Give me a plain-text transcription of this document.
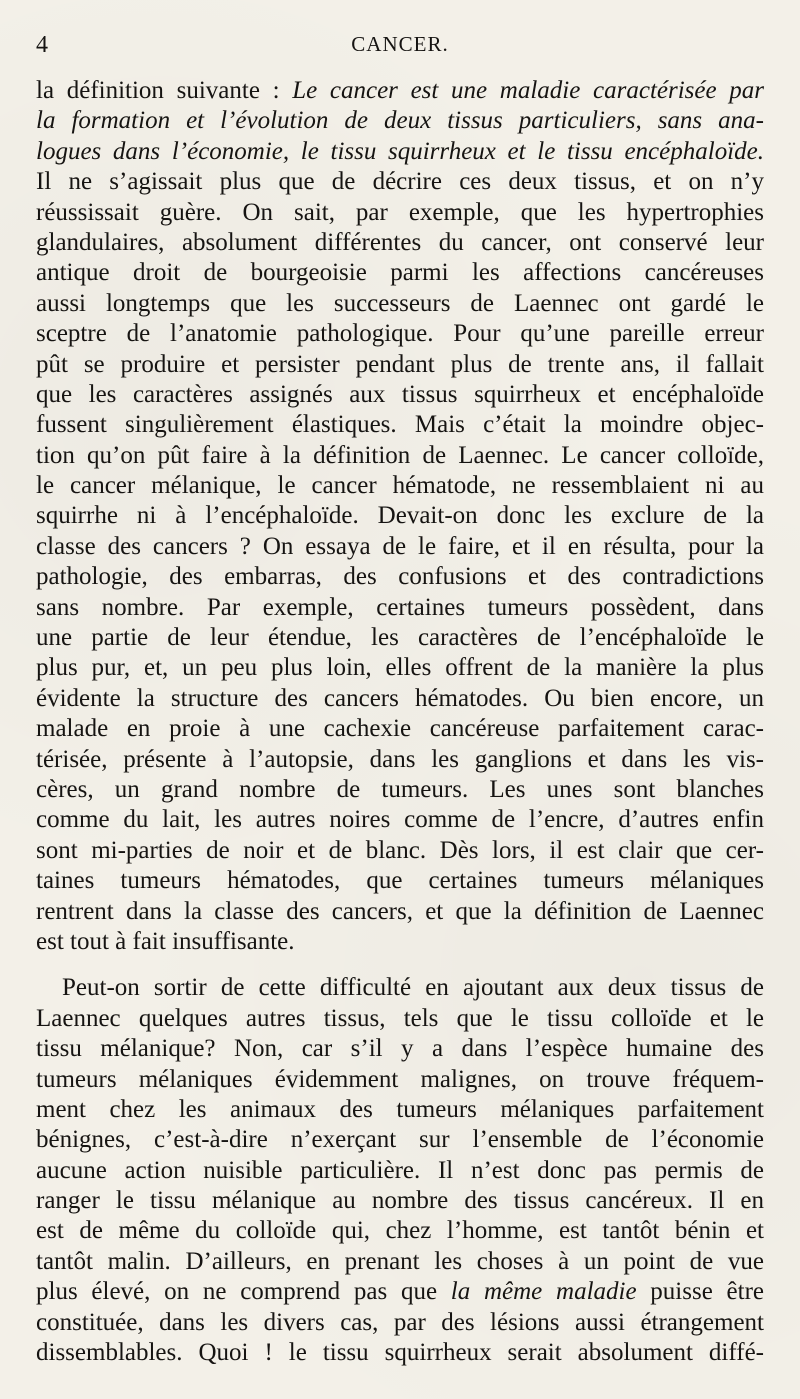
4	CANCER.
la définition suivante : Le cancer est une maladie caractérisée par
la formation et l’évolution de deux tissus particuliers, sans ana-
logues dans l’économie, le tissu squirrheux et le tissu encéphaloïde.
Il ne s’agissait plus que de décrire ces deux tissus, et on n’y
réussissait guère. On sait, par exemple, que les hypertrophies
glandulaires, absolument différentes du cancer, ont conservé leur
antique droit de bourgeoisie parmi les affections cancéreuses
aussi longtemps que les successeurs de Laennec ont gardé le
sceptre de l’anatomie pathologique. Pour qu’une pareille erreur
pût se produire et persister pendant plus de trente ans, il fallait
que les caractères assignés aux tissus squirrheux et encéphaloïde
fussent singulièrement élastiques. Mais c’était la moindre objec-
tion qu’on pût faire à la définition de Laennec. Le cancer colloïde,
le cancer mélanique, le cancer hématode, ne ressemblaient ni au
squirrhe ni à l’encéphaloïde. Devait-on donc les exclure de la
classe des cancers ? On essaya de le faire, et il en résulta, pour la
pathologie, des embarras, des confusions et des contradictions
sans nombre. Par exemple, certaines tumeurs possèdent, dans
une partie de leur étendue, les caractères de l’encéphaloïde le
plus pur, et, un peu plus loin, elles offrent de la manière la plus
évidente la structure des cancers hématodes. Ou bien encore, un
malade en proie à une cachexie cancéreuse parfaitement carac-
térisée, présente à l’autopsie, dans les ganglions et dans les vis-
cères, un grand nombre de tumeurs. Les unes sont blanches
comme du lait, les autres noires comme de l’encre, d’autres enfin
sont mi-parties de noir et de blanc. Dès lors, il est clair que cer-
taines tumeurs hématodes, que certaines tumeurs mélaniques
rentrent dans la classe des cancers, et que la définition de Laennec
est tout à fait insuffisante.
Peut-on sortir de cette difficulté en ajoutant aux deux tissus de
Laennec quelques autres tissus, tels que le tissu colloïde et le
tissu mélanique? Non, car s’il y a dans l’espèce humaine des
tumeurs mélaniques évidemment malignes, on trouve fréquem-
ment chez les animaux des tumeurs mélaniques parfaitement
bénignes, c’est-à-dire n’exerçant sur l’ensemble de l’économie
aucune action nuisible particulière. Il n’est donc pas permis de
ranger le tissu mélanique au nombre des tissus cancéreux. Il en
est de même du colloïde qui, chez l’homme, est tantôt bénin et
tantôt malin. D’ailleurs, en prenant les choses à un point de vue
plus élevé, on ne comprend pas que la même maladie puisse être
constituée, dans les divers cas, par des lésions aussi étrangement
dissemblables. Quoi ! le tissu squirrheux serait absolument diffé-
